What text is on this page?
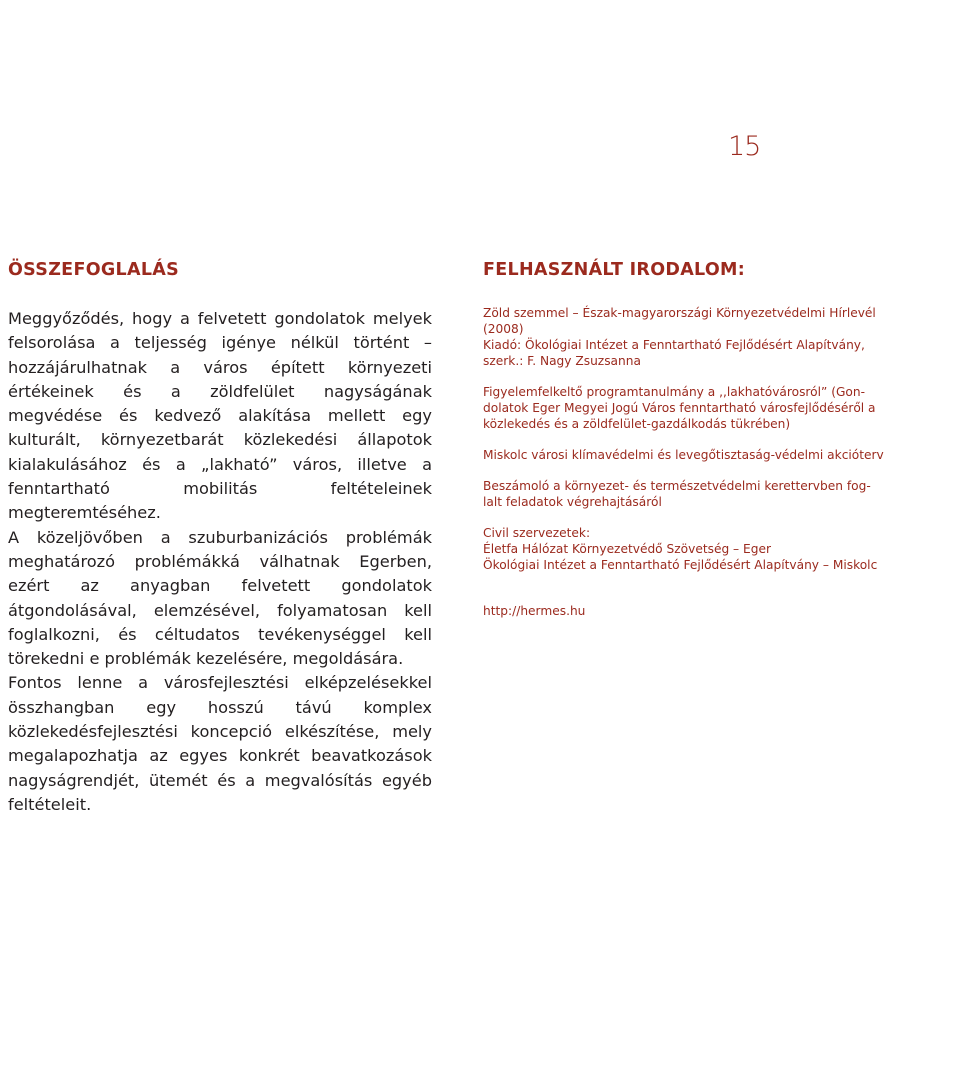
15
ÖSSZEFOGLALÁS

Meggyőződés, hogy a felvetett gondolatok melyek felsorolása a teljesség igénye nélkül történt – hozzájárulhatnak a város épített környezeti értékeinek és a zöldfelület nagyságának megvédése és kedvező alakítása mellett egy kulturált, környezetbarát közlekedési állapotok kialakulásához és a „lakható” város, illetve a fenntartható mobilitás feltételeinek megteremtéséhez.

A közeljövőben a szuburbanizációs problémák meghatározó problémákká válhatnak Egerben, ezért az anyagban felvetett gondolatok átgondolásával, elemzésével, folyamatosan kell foglalkozni, és céltudatos tevékenységgel kell törekedni e problémák kezelésére, megoldására.

Fontos lenne a városfejlesztési elképzelésekkel összhangban egy hosszú távú komplex közlekedésfejlesztési koncepció elkészítése, mely megalapozhatja az egyes konkrét beavatkozások nagyságrendjét, ütemét és a megvalósítás egyéb feltételeit.

FELHASZNÁLT IRODALOM:
Zöld szemmel – Észak-magyarországi Környezetvédelmi Hírlevél
(2008)
Kiadó: Ökológiai Intézet a Fenntartható Fejlődésért Alapítvány,
szerk.: F. Nagy Zsuzsanna
Figyelemfelkeltő programtanulmány a ,,lakhatóvárosról” (Gon-
dolatok Eger Megyei Jogú Város fenntartható városfejlődéséről a
közlekedés és a zöldfelület-gazdálkodás tükrében)
Miskolc városi klímavédelmi és levegőtisztaság-védelmi akcióterv
Beszámoló a környezet- és természetvédelmi kerettervben fog-
lalt feladatok végrehajtásáról
Civil szervezetek:
Életfa Hálózat Környezetvédő Szövetség – Eger
Ökológiai Intézet a Fenntartható Fejlődésért Alapítvány – Miskolc
http://hermes.hu
